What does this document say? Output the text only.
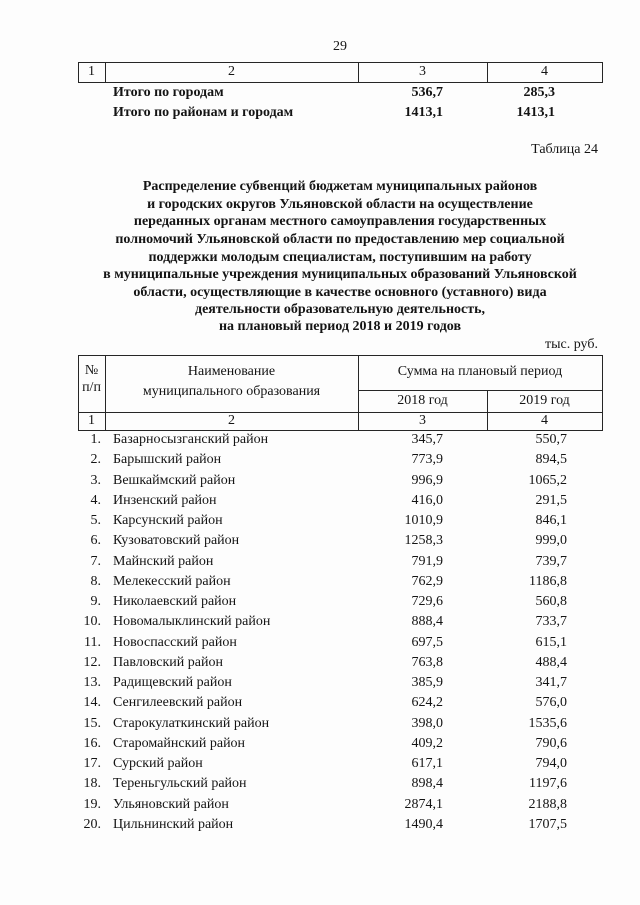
29
1	2	3	4
Итого по городам	536,7	285,3
Итого по районам и городам	1413,1	1413,1
Таблица 24
Распределение субвенций бюджетам муниципальных районов
и городских округов Ульяновской области на осуществление
переданных органам местного самоуправления государственных
полномочий Ульяновской области по предоставлению мер социальной
поддержки молодым специалистам, поступившим на работу
в муниципальные учреждения муниципальных образований Ульяновской
области, осуществляющие в качестве основного (уставного) вида
деятельности образовательную деятельность,
на плановый период 2018 и 2019 годов
тыс. руб.
№
п/п
Наименование
муниципального образования
Сумма на плановый период
2018 год	2019 год
1	2	3	4
1. Базарносызганский район	345,7	550,7
2. Барышский район	773,9	894,5
3. Вешкаймский район	996,9	1065,2
4. Инзенский район	416,0	291,5
5. Карсунский район	1010,9	846,1
6. Кузоватовский район	1258,3	999,0
7. Майнский район	791,9	739,7
8. Мелекесский район	762,9	1186,8
9. Николаевский район	729,6	560,8
10. Новомалыклинский район	888,4	733,7
11. Новоспасский район	697,5	615,1
12. Павловский район	763,8	488,4
13. Радищевский район	385,9	341,7
14. Сенгилеевский район	624,2	576,0
15. Старокулаткинский район	398,0	1535,6
16. Старомайнский район	409,2	790,6
17. Сурский район	617,1	794,0
18. Тереньгульский район	898,4	1197,6
19. Ульяновский район	2874,1	2188,8
20. Цильнинский район	1490,4	1707,5
